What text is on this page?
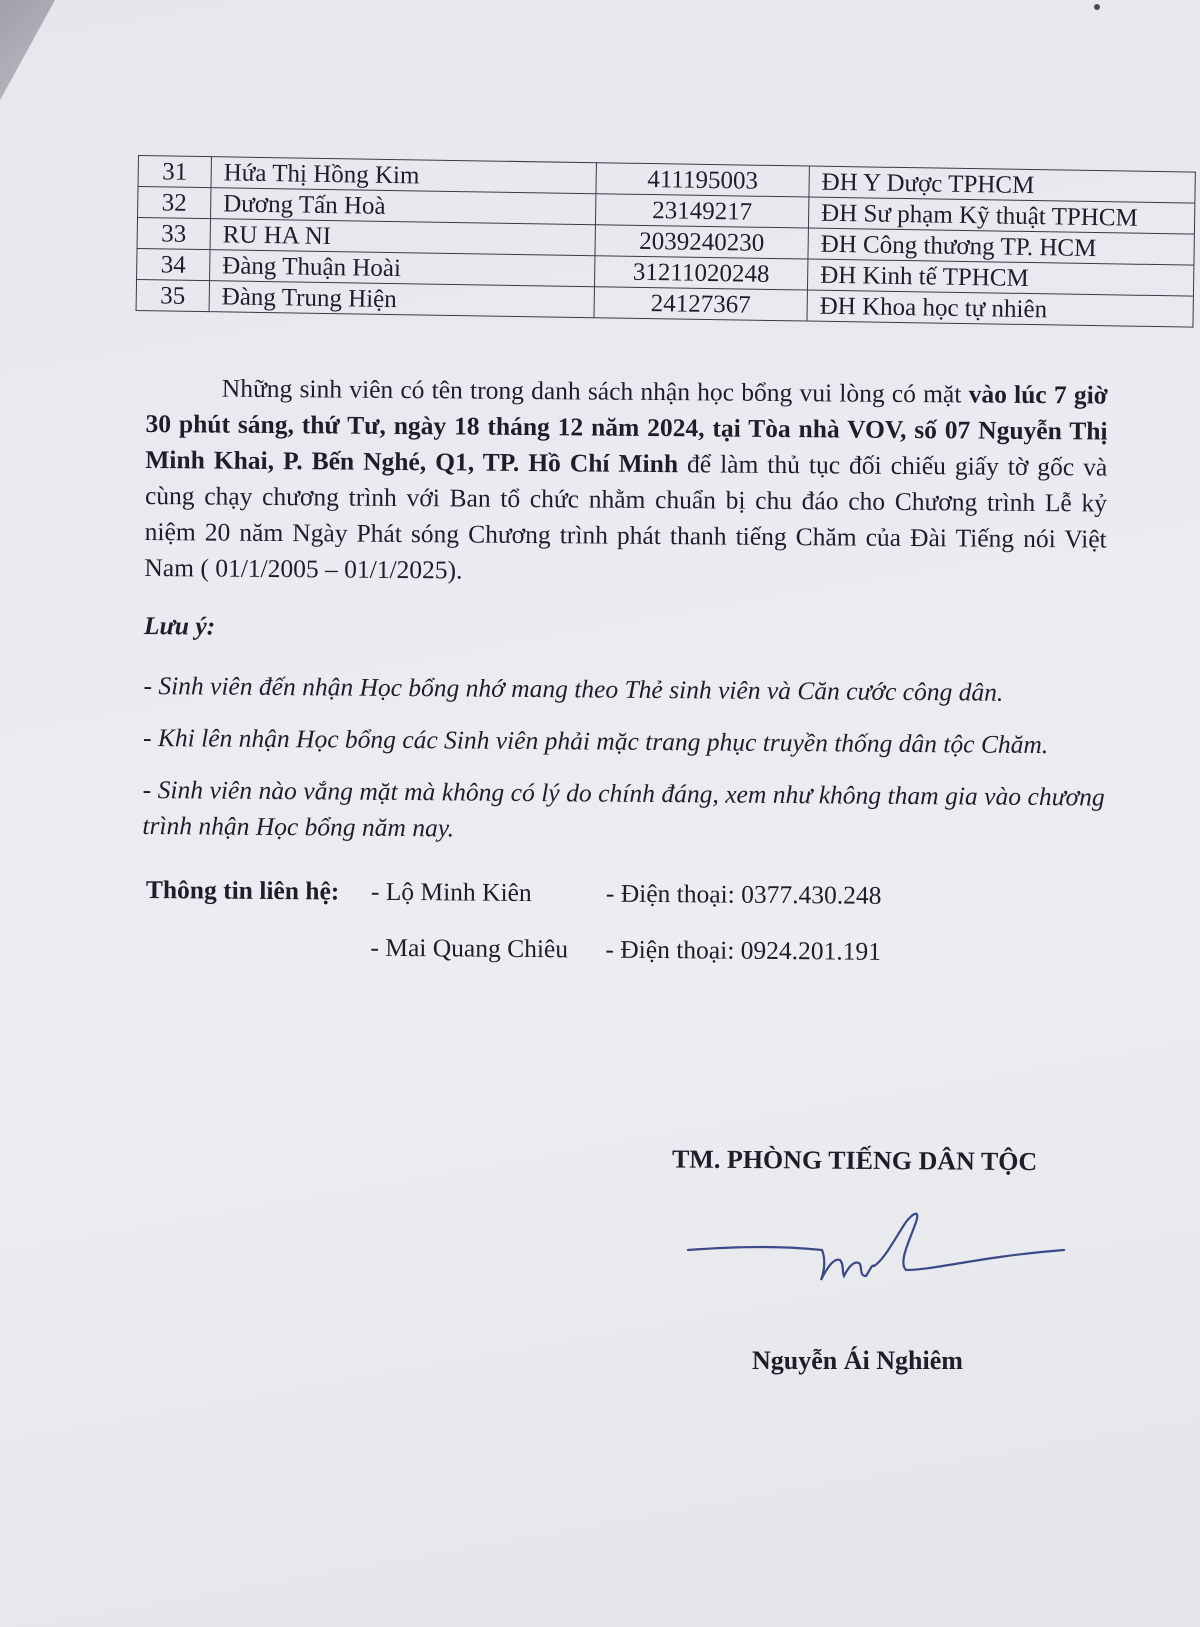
31	Hứa Thị Hồng Kim	411195003	ĐH Y Dược TPHCM
32	Dương Tấn Hoà	23149217	ĐH Sư phạm Kỹ thuật TPHCM
33	RU HA NI	2039240230	ĐH Công thương TP. HCM
34	Đàng Thuận Hoài	31211020248	ĐH Kinh tế TPHCM
35	Đàng Trung Hiện	24127367	ĐH Khoa học tự nhiên

Những sinh viên có tên trong danh sách nhận học bổng vui lòng có mặt vào lúc 7 giờ 30 phút sáng, thứ Tư, ngày 18 tháng 12 năm 2024, tại Tòa nhà VOV, số 07 Nguyễn Thị Minh Khai, P. Bến Nghé, Q1, TP. Hồ Chí Minh để làm thủ tục đối chiếu giấy tờ gốc và cùng chạy chương trình với Ban tổ chức nhằm chuẩn bị chu đáo cho Chương trình Lễ kỷ niệm 20 năm Ngày Phát sóng Chương trình phát thanh tiếng Chăm của Đài Tiếng nói Việt Nam ( 01/1/2005 – 01/1/2025).

Lưu ý:

- Sinh viên đến nhận Học bổng nhớ mang theo Thẻ sinh viên và Căn cước công dân.

- Khi lên nhận Học bổng các Sinh viên phải mặc trang phục truyền thống dân tộc Chăm.

- Sinh viên nào vắng mặt mà không có lý do chính đáng, xem như không tham gia vào chương trình nhận Học bổng năm nay.

Thông tin liên hệ:	- Lộ Minh Kiên	- Điện thoại: 0377.430.248
- Mai Quang Chiêu	- Điện thoại: 0924.201.191
TM. PHÒNG TIẾNG DÂN TỘC
Nguyễn Ái Nghiêm
